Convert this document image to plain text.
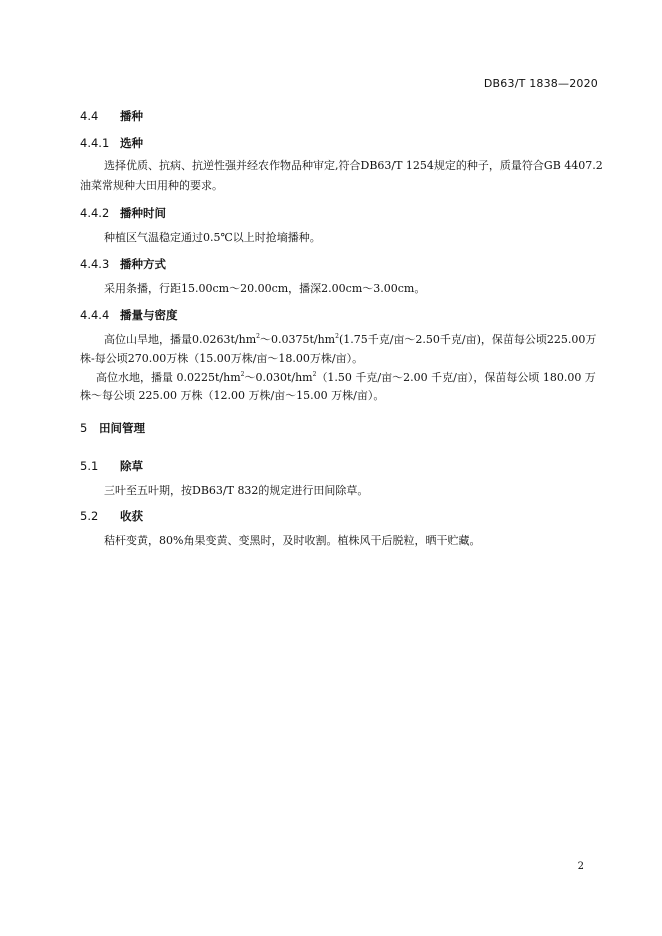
DB63/T 1838—2020
4.4 播种
4.4.1 选种
选择优质、抗病、抗逆性强并经农作物品种审定,符合DB63/T 1254规定的种子，质量符合GB 4407.2
油菜常规种大田用种的要求。
4.4.2 播种时间
种植区气温稳定通过0.5℃以上时抢墒播种。
4.4.3 播种方式
采用条播，行距15.00cm～20.00cm，播深2.00cm～3.00cm。
4.4.4 播量与密度
高位山旱地，播量$0.0263t/hm^2\sim 0.0375t/hm^2(1.75$千克/亩～2.50千克/亩)，保苗每公顷225.00万
株-每公顷270.00万株（15.00万株/亩～18.00万株/亩）。
高位水地，播量 $0.0225t/hm^2\sim 0.030t/hm^2(1.50$ 千克/亩～2.00 千克/亩），保苗每公顷 180.00 万
株～每公顷 225.00 万株（12.00 万株/亩～15.00 万株/亩）。
5 田间管理
5.1 除草
三叶至五叶期，按DB63/T 832的规定进行田间除草。
5.2 收获
秸杆变黄，80%角果变黄、变黑时，及时收割。植株风干后脱粒，晒干贮藏。
2
